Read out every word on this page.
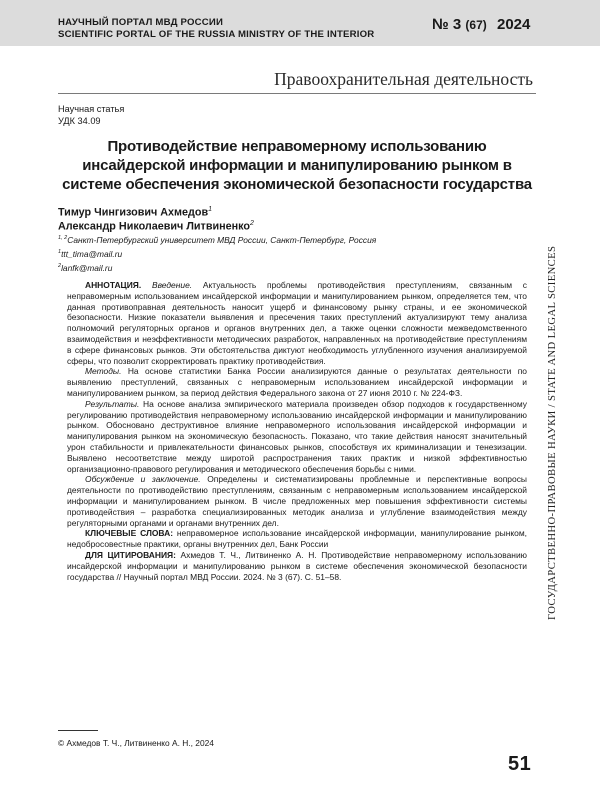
НАУЧНЫЙ ПОРТАЛ МВД РОССИИ
SCIENTIFIC PORTAL OF THE RUSSIA MINISTRY OF THE INTERIOR
№ 3 (67) 2024
Правоохранительная деятельность
Научная статья
УДК 34.09
Противодействие неправомерному использованию инсайдерской информации и манипулированию рынком в системе обеспечения экономической безопасности государства
Тимур Чингизович Ахмедов$^1$
Александр Николаевич Литвиненко$^2$
$^{1, 2}$Санкт-Петербургский университет МВД России, Санкт-Петербург, Россия
$^1$ttt_tima@mail.ru
$^2$lanfk@mail.ru

АННОТАЦИЯ. Введение. Актуальность проблемы противодействия преступлениям, связанным с неправомерным использованием инсайдерской информации и манипулированием рынком, определяется тем, что данная противоправная деятельность наносит ущерб и финансовому рынку страны, и ее экономической безопасности. Низкие показатели выявления и пресечения таких преступлений актуализируют тему анализа полномочий регуляторных органов и органов внутренних дел, а также оценки сложности межведомственного взаимодействия и неэффективности методических разработок, направленных на противодействие преступлениям в сфере финансовых рынков. Эти обстоятельства диктуют необходимость углубленного изучения анализируемой сферы, что позволит скорректировать практику противодействия.

Методы. На основе статистики Банка России анализируются данные о результатах деятельности по выявлению преступлений, связанных с неправомерным использованием инсайдерской информации и манипулированием рынком, за период действия Федерального закона от 27 июня 2010 г. № 224-ФЗ.

Результаты. На основе анализа эмпирического материала произведен обзор подходов к государственному регулированию противодействия неправомерному использованию инсайдерской информации и манипулированию рынком. Обосновано деструктивное влияние неправомерного использования инсайдерской информации и манипулирования рынком на экономическую безопасность. Показано, что такие действия наносят значительный урон стабильности и привлекательности финансовых рынков, способствуя их криминализации и тенезизации. Выявлено несоответствие между широтой распространения таких практик и низкой эффективностью организационно-правового регулирования и методического обеспечения борьбы с ними.

Обсуждение и заключение. Определены и систематизированы проблемные и перспективные вопросы деятельности по противодействию преступлениям, связанным с неправомерным использованием инсайдерской информации и манипулированием рынком. В числе предложенных мер повышения эффективности системы противодействия – разработка специализированных методик анализа и углубление взаимодействия между регуляторными органами и органами внутренних дел.

КЛЮЧЕВЫЕ СЛОВА: неправомерное использование инсайдерской информации, манипулирование рынком, недобросовестные практики, органы внутренних дел, Банк России

ДЛЯ ЦИТИРОВАНИЯ: Ахмедов Т. Ч., Литвиненко А. Н. Противодействие неправомерному использованию инсайдерской информации и манипулированию рынком в системе обеспечения экономической безопасности государства // Научный портал МВД России. 2024. № 3 (67). С. 51–58.	ГОСУДАРСТВЕННО-ПРАВОВЫЕ НАУКИ / STATE AND LEGAL SCIENCES
© Ахмедов Т. Ч., Литвиненко А. Н., 2024
51
